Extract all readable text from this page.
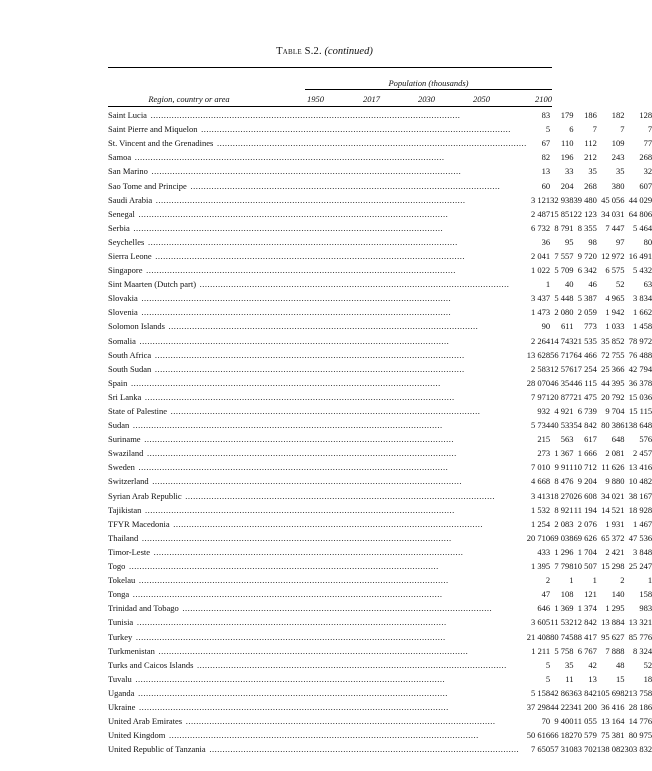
Table S.2. (continued)
Population (thousands)
Region, country or area	1950	2017	2030	2050	2100
Saint Lucia .....	83	179	186	182	128

Saint Pierre and Miquelon .....	5	6	7	7	7

St. Vincent and the Grenadines .....	67	110	112	109	77

Samoa .....	82	196	212	243	268

San Marino .....	13	33	35	35	32

Sao Tome and Principe .....	60	204	268	380	607

Saudi Arabia .....	3 121	32 938	39 480	45 056	44 029

Senegal .....	2 487	15 851	22 123	34 031	64 806

Serbia .....	6 732	8 791	8 355	7 447	5 464

Seychelles .....	36	95	98	97	80

Sierra Leone .....	2 041	7 557	9 720	12 972	16 491

Singapore .....	1 022	5 709	6 342	6 575	5 432

Sint Maarten (Dutch part) .....	1	40	46	52	63

Slovakia .....	3 437	5 448	5 387	4 965	3 834

Slovenia .....	1 473	2 080	2 059	1 942	1 662

Solomon Islands .....	90	611	773	1 033	1 458

Somalia .....	2 264	14 743	21 535	35 852	78 972

South Africa .....	13 628	56 717	64 466	72 755	76 488

South Sudan .....	2 583	12 576	17 254	25 366	42 794

Spain .....	28 070	46 354	46 115	44 395	36 378

Sri Lanka .....	7 971	20 877	21 475	20 792	15 036

State of Palestine .....	932	4 921	6 739	9 704	15 115

Sudan .....	5 734	40 533	54 842	80 386	138 648

Suriname .....	215	563	617	648	576

Swaziland .....	273	1 367	1 666	2 081	2 457

Sweden .....	7 010	9 911	10 712	11 626	13 416

Switzerland .....	4 668	8 476	9 204	9 880	10 482

Syrian Arab Republic .....	3 413	18 270	26 608	34 021	38 167

Tajikistan .....	1 532	8 921	11 194	14 521	18 928

TFYR Macedonia .....	1 254	2 083	2 076	1 931	1 467

Thailand .....	20 710	69 038	69 626	65 372	47 536

Timor-Leste .....	433	1 296	1 704	2 421	3 848

Togo .....	1 395	7 798	10 507	15 298	25 247

Tokelau .....	2	1	1	2	1

Tonga .....	47	108	121	140	158

Trinidad and Tobago .....	646	1 369	1 374	1 295	983

Tunisia .....	3 605	11 532	12 842	13 884	13 321

Turkey .....	21 408	80 745	88 417	95 627	85 776

Turkmenistan .....	1 211	5 758	6 767	7 888	8 324

Turks and Caicos Islands .....	5	35	42	48	52

Tuvalu .....	5	11	13	15	18

Uganda .....	5 158	42 863	63 842	105 698	213 758

Ukraine .....	37 298	44 223	41 200	36 416	28 186

United Arab Emirates .....	70	9 400	11 055	13 164	14 776

United Kingdom .....	50 616	66 182	70 579	75 381	80 975

United Republic of Tanzania .....	7 650	57 310	83 702	138 082	303 832
